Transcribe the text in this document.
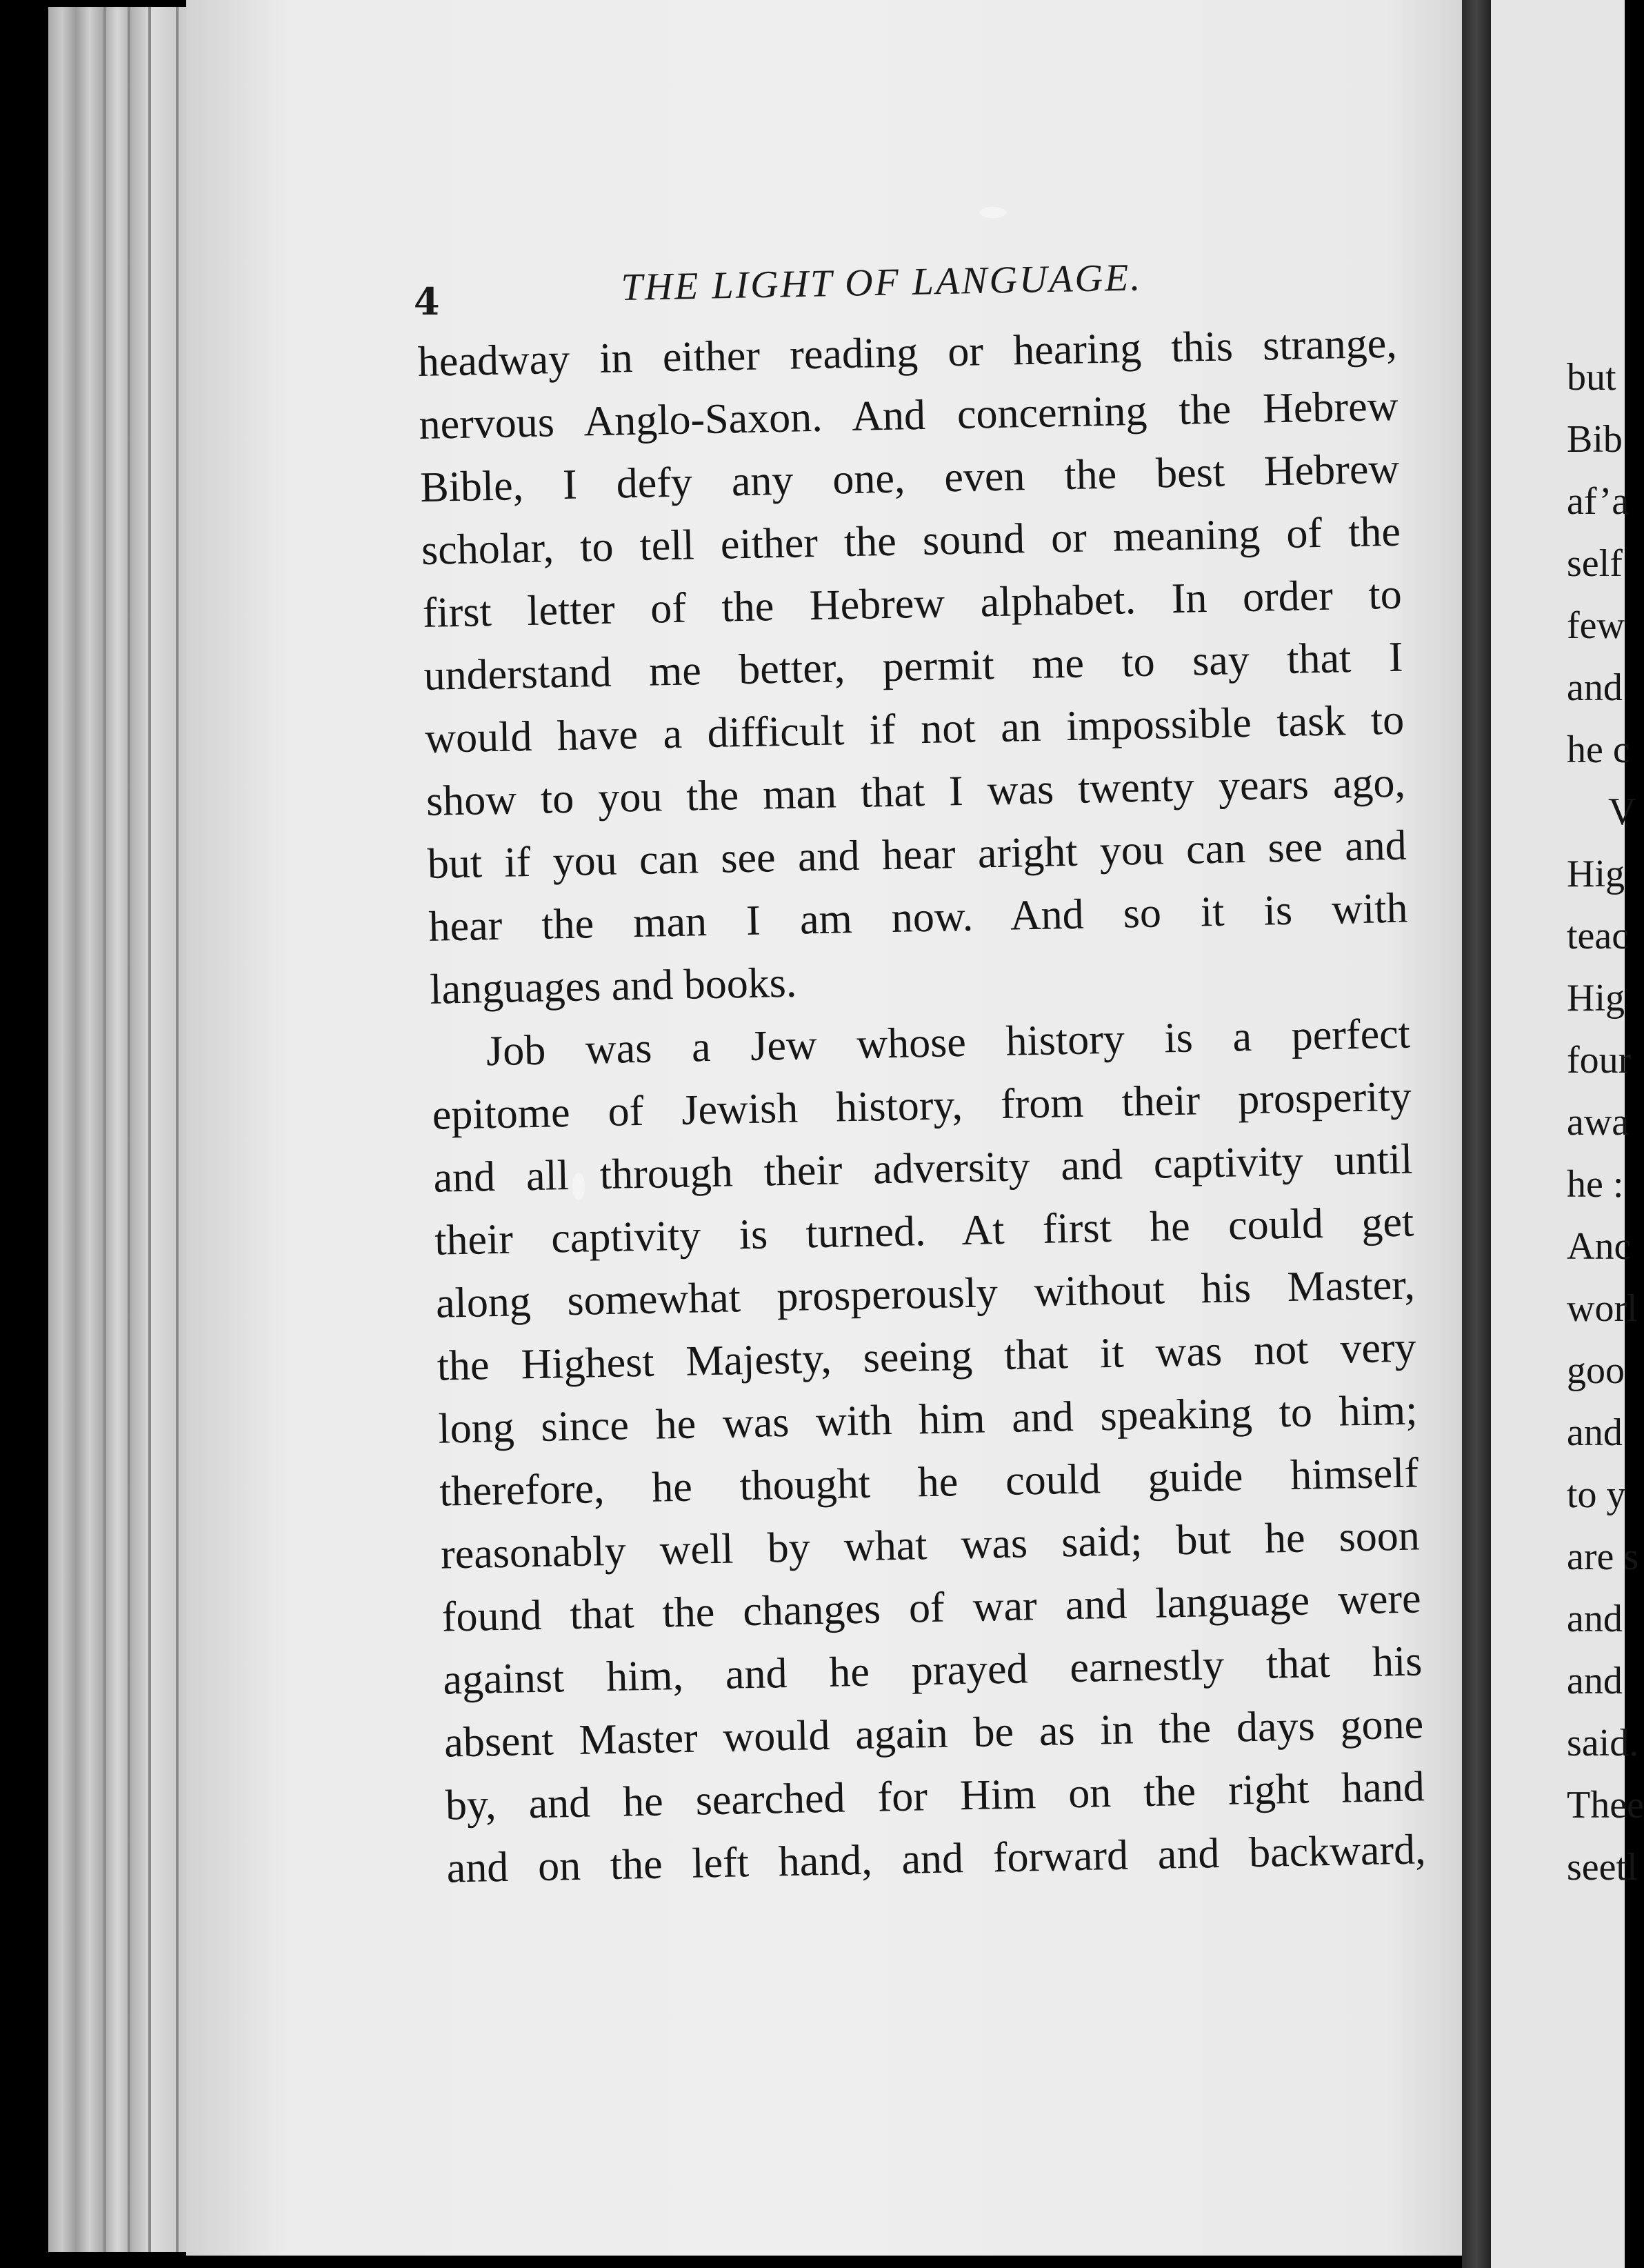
4	THE LIGHT OF LANGUAGE.
headway in either reading or hearing this strange,
nervous Anglo-Saxon. And concerning the Hebrew
Bible, I defy any one, even the best Hebrew
scholar, to tell either the sound or meaning of the
first letter of the Hebrew alphabet. In order to
understand me better, permit me to say that I
would have a difficult if not an impossible task to
show to you the man that I was twenty years ago,
but if you can see and hear aright you can see and
hear the man I am now. And so it is with
languages and books.
Job was a Jew whose history is a perfect
epitome of Jewish history, from their prosperity
and all through their adversity and captivity until
their captivity is turned. At first he could get
along somewhat prosperously without his Master,
the Highest Majesty, seeing that it was not very
long since he was with him and speaking to him;
therefore, he thought he could guide himself
reasonably well by what was said; but he soon
found that the changes of war and language were
against him, and he prayed earnestly that his
absent Master would again be as in the days gone
by, and he searched for Him on the right hand
and on the left hand, and forward and backward,
but
Bib
af’a
self
few
and
he c
V
Hig
teac
Hig
four
awa
he :
Anc
worl
goo
and
to y
are s
and
and
said.
Thee
seetl
